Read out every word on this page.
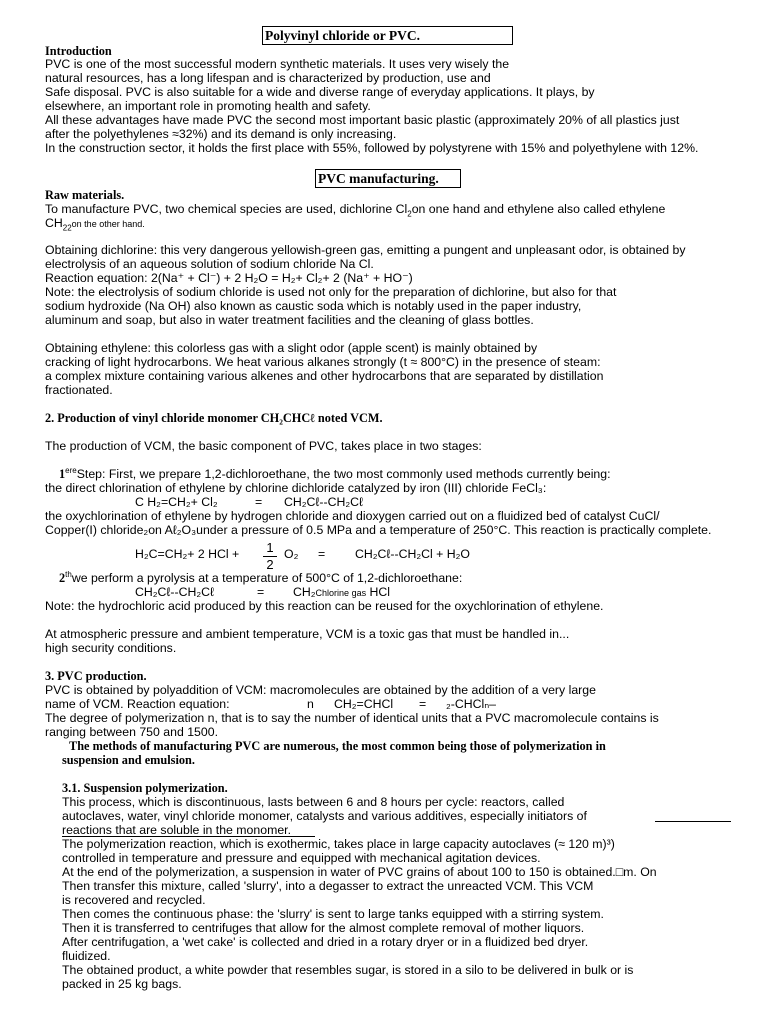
Polyvinyl chloride or PVC.
Introduction
PVC is one of the most successful modern synthetic materials. It uses very wisely the
natural resources, has a long lifespan and is characterized by production, use and
Safe disposal. PVC is also suitable for a wide and diverse range of everyday applications. It plays, by
elsewhere, an important role in promoting health and safety.
All these advantages have made PVC the second most important basic plastic (approximately 20% of all plastics just
after the polyethylenes ≈32%) and its demand is only increasing.
In the construction sector, it holds the first place with 55%, followed by polystyrene with 15% and polyethylene with 12%.
PVC manufacturing.
Raw materials.
To manufacture PVC, two chemical species are used, dichlorine $Cl_2on$ one hand and ethylene also called ethylene
$CH_{22}on$ the other hand.
Obtaining dichlorine: this very dangerous yellowish-green gas, emitting a pungent and unpleasant odor, is obtained by
electrolysis of an aqueous solution of sodium chloride Na Cl.
Reaction equation: 2(Na⁺ + Cl⁻) + 2 H₂O = H₂+ Cl₂+ 2 (Na⁺ + HO⁻)
Note: the electrolysis of sodium chloride is used not only for the preparation of dichlorine, but also for that
sodium hydroxide (Na OH) also known as caustic soda which is notably used in the paper industry,
aluminum and soap, but also in water treatment facilities and the cleaning of glass bottles.
Obtaining ethylene: this colorless gas with a slight odor (apple scent) is mainly obtained by
cracking of light hydrocarbons. We heat various alkanes strongly (t ≈ 800°C) in the presence of steam:
a complex mixture containing various alkenes and other hydrocarbons that are separated by distillation
fractionated.
2. Production of vinyl chloride monomer CH₂CHCℓ noted VCM.
The production of VCM, the basic component of PVC, takes place in two stages:
1ereStep: First, we prepare 1,2-dichloroethane, the two most commonly used methods currently being:
the direct chlorination of ethylene by chlorine dichloride catalyzed by iron (III) chloride FeCl₃:
C H₂=CH₂+ Cl₂	= CH₂Cℓ--CH₂Cℓ
the oxychlorination of ethylene by hydrogen chloride and dioxygen carried out on a fluidized bed of catalyst CuCl/
Copper(I) chloride₂on Aℓ₂O₃under a pressure of 0.5 MPa and a temperature of 250°C. This reaction is practically complete.
H₂C=CH₂+ 2 HCl + 1
2
O₂ = CH₂Cℓ--CH₂Cl + H₂O
2thwe perform a pyrolysis at a temperature of 500°C of 1,2-dichloroethane:
CH₂Cℓ--CH₂Cℓ	= CH₂Chlorine gas HCl
Note: the hydrochloric acid produced by this reaction can be reused for the oxychlorination of ethylene.
At atmospheric pressure and ambient temperature, VCM is a toxic gas that must be handled in...
high security conditions.
3. PVC production.
PVC is obtained by polyaddition of VCM: macromolecules are obtained by the addition of a very large
name of VCM. Reaction equation:	n CH₂=CHCl = ₂-CHClₙ–
The degree of polymerization n, that is to say the number of identical units that a PVC macromolecule contains is
ranging between 750 and 1500.
The methods of manufacturing PVC are numerous, the most common being those of polymerization in
suspension and emulsion.
3.1. Suspension polymerization.
This process, which is discontinuous, lasts between 6 and 8 hours per cycle: reactors, called
autoclaves, water, vinyl chloride monomer, catalysts and various additives, especially initiators of
reactions that are soluble in the monomer.
The polymerization reaction, which is exothermic, takes place in large capacity autoclaves (≈ 120 m)³)
controlled in temperature and pressure and equipped with mechanical agitation devices.
At the end of the polymerization, a suspension in water of PVC grains of about 100 to 150 is obtained.□m. On
Then transfer this mixture, called 'slurry', into a degasser to extract the unreacted VCM. This VCM
is recovered and recycled.
Then comes the continuous phase: the 'slurry' is sent to large tanks equipped with a stirring system.
Then it is transferred to centrifuges that allow for the almost complete removal of mother liquors.
After centrifugation, a 'wet cake' is collected and dried in a rotary dryer or in a fluidized bed dryer.
fluidized.
The obtained product, a white powder that resembles sugar, is stored in a silo to be delivered in bulk or is
packed in 25 kg bags.
